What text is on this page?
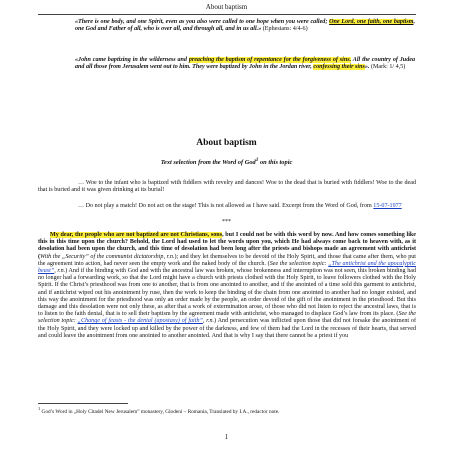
About baptism
«There is one body, and one Spirit, even as you also were called to one hope when you were called; One Lord, one faith, one baptism, one God and Father of all, who is over all, and through all, and in us all.» (Ephesians: 4/4-6)
«John came baptizing in the wilderness and preaching the baptism of repentance for the forgiveness of sins. All the country of Judea and all those from Jerusalem went out to him. They were baptized by John in the Jordan river, confessing their sins». (Mark: 1/ 4,5)
About baptism
Text selection from the Word of God$^1$ on this topic
… Woe to the infant who is baptized with fiddlers with revelry and dances! Woe to the dead that is buried with fiddlers! Woe to the dead that is buried and it was given drinking at its burial!
… Do not play a match! Do not act on the stage! This is not allowed as I have said. Excerpt from the Word of God, from 15-07-1977
***
My dear, the people who are not baptized are not Christians, sons, but I could not be with this word by now. And how comes something like this in this time upon the church? Behold, the Lord had used to let the words upon you, which He had always come back to heaven with, as it desolation had been upon the church, and this time of desolation had been long after the priests and bishops made an agreement with antichrist (With the „Security” of the communist dictatorship, r.n.); and they let themselves to be devoid of the Holy Spirit, and those that came after them, who put the agreement into action, had never seen the empty work and the naked body of the church. (See the selection topic: „The antichrist and the apocalyptic beast”, r.n.) And if the binding with God and with the ancestral law was broken, whose brokenness and interruption was not seen, this broken binding had no longer had a forwarding work, so that the Lord might have a church with priests clothed with the Holy Spirit, to leave followers clothed with the Holy Spirit. If the Christ’s priesthood was from one to another, that is from one anointed to another, and if the anointed of a time sold this garment to antichrist, and if antichrist wiped out his anointment by ruse, then the work to keep the binding of the chain from one anointed to another had no longer existed, and this way the anointment for the priesthood was only an order made by the people, an order devoid of the gift of the anointment in the priesthood. But this damage and this desolation were not only these, as after that a work of extermination arose, of those who did not listen to reject the ancestral laws, that is to listen to the faith denial, that is to sell their baptism by the agreement made with antichrist, who managed to displace God’s law from its place. (See the selection topic: „Change of feasts - the denial (apostasy) of faith”, r.n.) And persecution was inflicted upon those that did not forsake the anointment of the Holy Spirit, and they were locked up and killed by the power of the darkness, and few of them had the Lord in the recesses of their hearts, that served and could leave the anointment from one anointed to another anointed. And that is why I say that there cannot be a priest if you
$^1$ God’s Word in „Holy Citadel New Jerusalem” monastery, Glodeni – Romania, Translated by I.A., redactor note.
1
